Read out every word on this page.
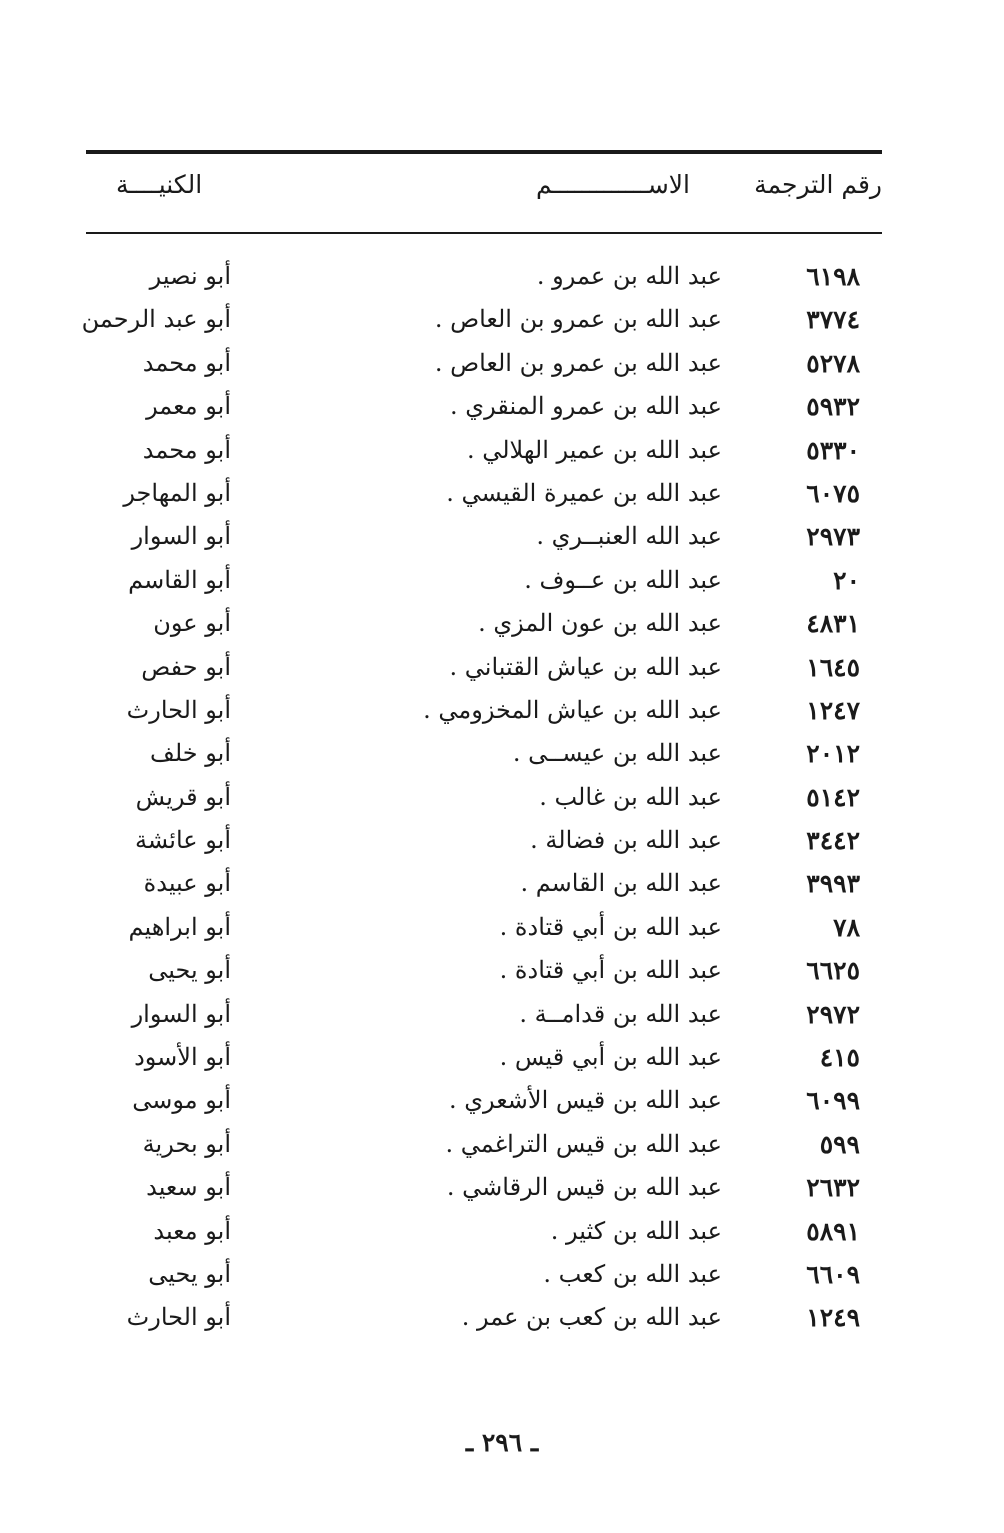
رقم الترجمة
الاســـــــــــــم
الكنيــــة
٦١٩٨
عبد الله بن عمرو .
أبو نصير
٣٧٧٤
عبد الله بن عمرو بن العاص .
أبو عبد الرحمن
٥٢٧٨
عبد الله بن عمرو بن العاص .
أبو محمد
٥٩٣٢
عبد الله بن عمرو المنقري .
أبو معمر
٥٣٣٠
عبد الله بن عمير الهلالي .
أبو محمد
٦٠٧٥
عبد الله بن عميرة القيسي .
أبو المهاجر
٢٩٧٣
عبد الله العنبــري .
أبو السوار
٢٠
عبد الله بن عــوف .
أبو القاسم
٤٨٣١
عبد الله بن عون المزي .
أبو عون
١٦٤٥
عبد الله بن عياش القتباني .
أبو حفص
١٢٤٧
عبد الله بن عياش المخزومي .
أبو الحارث
٢٠١٢
عبد الله بن عيســى .
أبو خلف
٥١٤٢
عبد الله بن غالب .
أبو قريش
٣٤٤٢
عبد الله بن فضالة .
أبو عائشة
٣٩٩٣
عبد الله بن القاسم .
أبو عبيدة
٧٨
عبد الله بن أبي قتادة .
أبو ابراهيم
٦٦٢٥
عبد الله بن أبي قتادة .
أبو يحيى
٢٩٧٢
عبد الله بن قدامــة .
أبو السوار
٤١٥
عبد الله بن أبي قيس .
أبو الأسود
٦٠٩٩
عبد الله بن قيس الأشعري .
أبو موسى
٥٩٩
عبد الله بن قيس التراغمي .
أبو بحرية
٢٦٣٢
عبد الله بن قيس الرقاشي .
أبو سعيد
٥٨٩١
عبد الله بن كثير .
أبو معبد
٦٦٠٩
عبد الله بن كعب .
أبو يحيى
١٢٤٩
عبد الله بن كعب بن عمر .
أبو الحارث
ـ ٢٩٦ ـ
